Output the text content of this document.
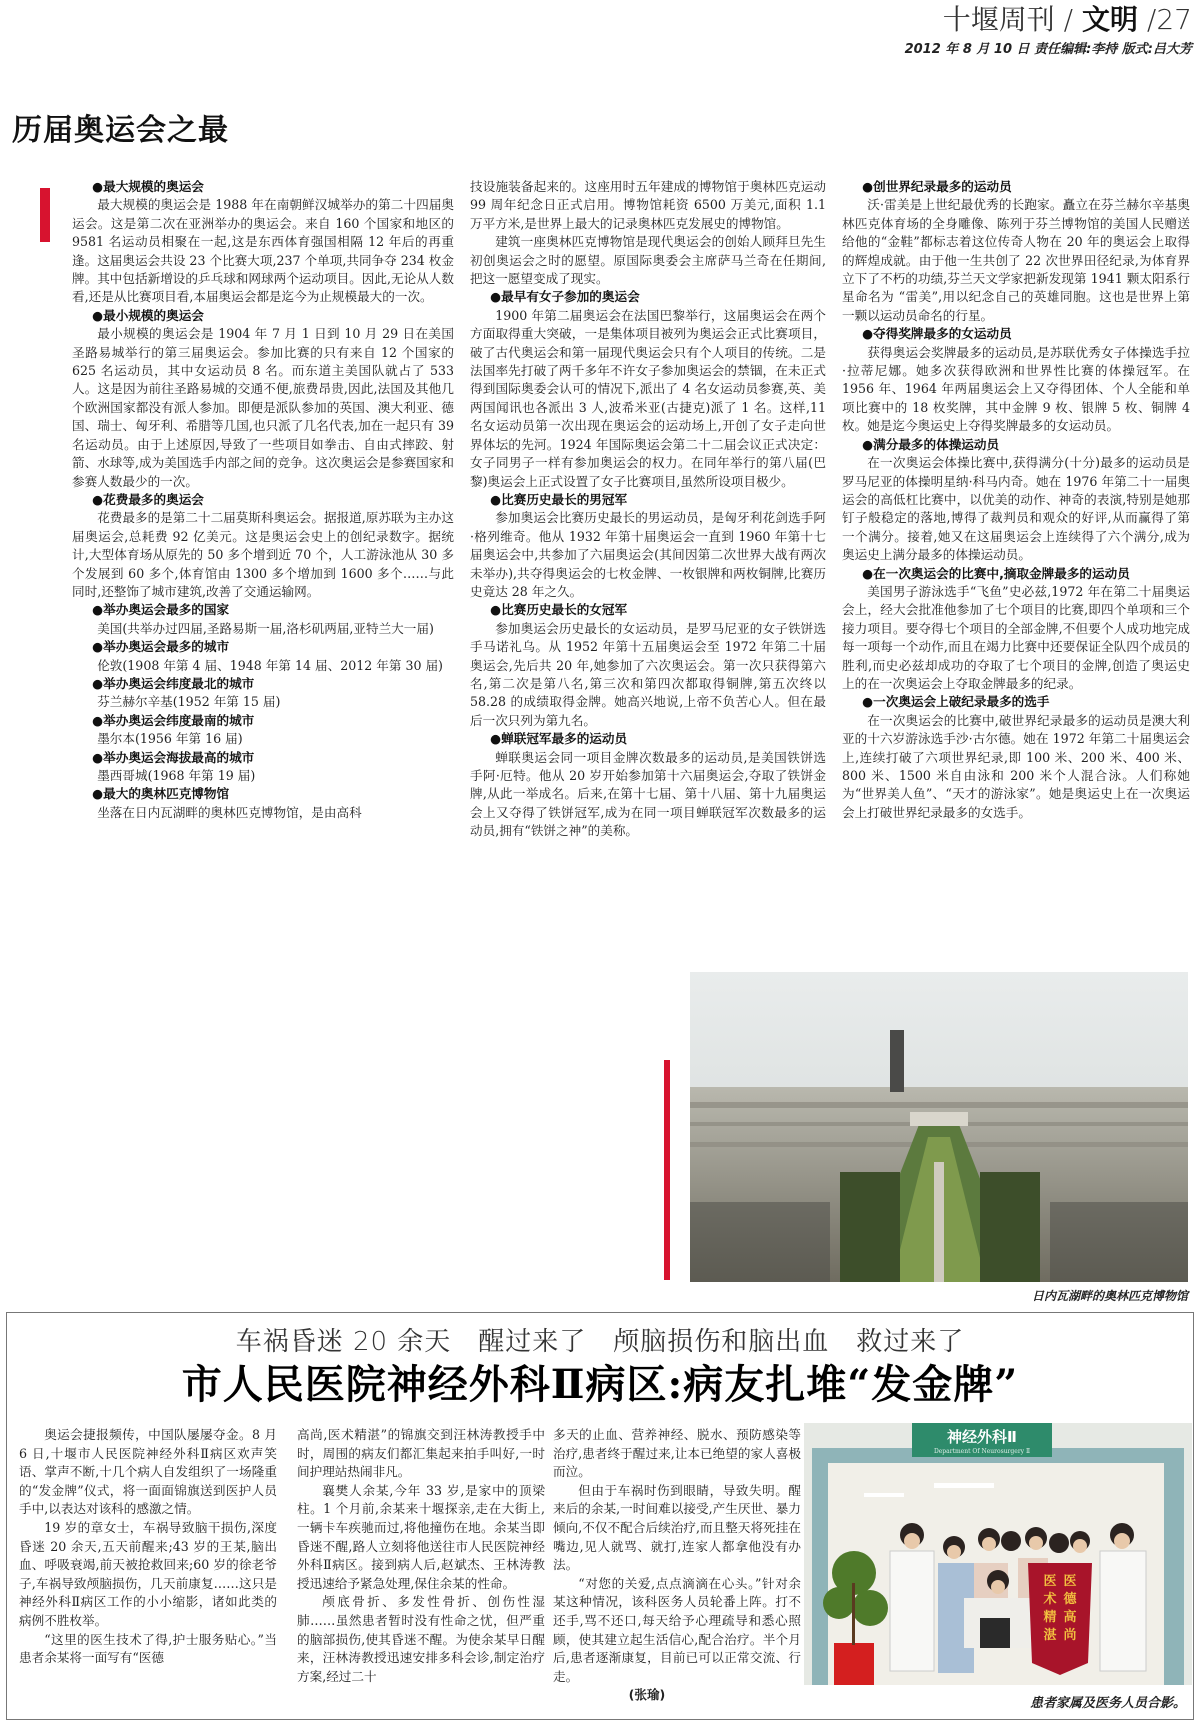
十堰周刊 / 文明 /27
2012 年 8 月 10 日 责任编辑:李持 版式:吕大芳
历届奥运会之最
●最大规模的奥运会

最大规模的奥运会是 1988 年在南朝鲜汉城举办的第二十四届奥运会。这是第二次在亚洲举办的奥运会。来自 160 个国家和地区的 9581 名运动员相聚在一起,这是东西体育强国相隔 12 年后的再重逢。这届奥运会共设 23 个比赛大项,237 个单项,共同争夺 234 枚金牌。其中包括新增设的乒乓球和网球两个运动项目。因此,无论从人数看,还是从比赛项目看,本届奥运会都是迄今为止规模最大的一次。

●最小规模的奥运会

最小规模的奥运会是 1904 年 7 月 1 日到 10 月 29 日在美国圣路易城举行的第三届奥运会。参加比赛的只有来自 12 个国家的 625 名运动员，其中女运动员 8 名。而东道主美国队就占了 533 人。这是因为前往圣路易城的交通不便,旅费昂贵,因此,法国及其他几个欧洲国家都没有派人参加。即便是派队参加的英国、澳大利亚、德国、瑞士、匈牙利、希腊等几国,也只派了几名代表,加在一起只有 39 名运动员。由于上述原因,导致了一些项目如拳击、自由式摔跤、射箭、水球等,成为美国选手内部之间的竞争。这次奥运会是参赛国家和参赛人数最少的一次。

●花费最多的奥运会

花费最多的是第二十二届莫斯科奥运会。据报道,原苏联为主办这届奥运会,总耗费 92 亿美元。这是奥运会史上的创纪录数字。据统计,大型体育场从原先的 50 多个增到近 70 个，人工游泳池从 30 多个发展到 60 多个,体育馆由 1300 多个增加到 1600 多个……与此同时,还整饰了城市建筑,改善了交通运输网。

●举办奥运会最多的国家

美国(共举办过四届,圣路易斯一届,洛杉矶两届,亚特兰大一届)

●举办奥运会最多的城市

伦敦(1908 年第 4 届、1948 年第 14 届、2012 年第 30 届)

●举办奥运会纬度最北的城市

芬兰赫尔辛基(1952 年第 15 届)

●举办奥运会纬度最南的城市

墨尔本(1956 年第 16 届)

●举办奥运会海拔最高的城市

墨西哥城(1968 年第 19 届)

●最大的奥林匹克博物馆

坐落在日内瓦湖畔的奥林匹克博物馆，是由高科

技设施装备起来的。这座用时五年建成的博物馆于奥林匹克运动 99 周年纪念日正式启用。博物馆耗资 6500 万美元,面积 1.1 万平方米,是世界上最大的记录奥林匹克发展史的博物馆。

建筑一座奥林匹克博物馆是现代奥运会的创始人顾拜旦先生初创奥运会之时的愿望。原国际奥委会主席萨马兰奇在任期间,把这一愿望变成了现实。

●最早有女子参加的奥运会

1900 年第二届奥运会在法国巴黎举行，这届奥运会在两个方面取得重大突破，一是集体项目被列为奥运会正式比赛项目，破了古代奥运会和第一届现代奥运会只有个人项目的传统。二是法国率先打破了两千多年不许女子参加奥运会的禁锢，在未正式得到国际奥委会认可的情况下,派出了 4 名女运动员参赛,英、美两国闻讯也各派出 3 人,波希米亚(古捷克)派了 1 名。这样,11 名女运动员第一次出现在奥运会的运动场上,开创了女子走向世界体坛的先河。1924 年国际奥运会第二十二届会议正式决定：女子同男子一样有参加奥运会的权力。在同年举行的第八届(巴黎)奥运会上正式设置了女子比赛项目,虽然所设项目极少。

●比赛历史最长的男冠军

参加奥运会比赛历史最长的男运动员，是匈牙利花剑选手阿·格列维奇。他从 1932 年第十届奥运会一直到 1960 年第十七届奥运会中,共参加了六届奥运会(其间因第二次世界大战有两次未举办),共夺得奥运会的七枚金牌、一枚银牌和两枚铜牌,比赛历史竟达 28 年之久。

●比赛历史最长的女冠军

参加奥运会历史最长的女运动员，是罗马尼亚的女子铁饼选手马诺礼乌。从 1952 年第十五届奥运会至 1972 年第二十届奥运会,先后共 20 年,她参加了六次奥运会。第一次只获得第六名,第二次是第八名,第三次和第四次都取得铜牌,第五次终以 58.28 的成绩取得金牌。她高兴地说,上帝不负苦心人。但在最后一次只列为第九名。

●蝉联冠军最多的运动员

蝉联奥运会同一项目金牌次数最多的运动员,是美国铁饼选手阿·厄特。他从 20 岁开始参加第十六届奥运会,夺取了铁饼金牌,从此一举成名。后来,在第十七届、第十八届、第十九届奥运会上又夺得了铁饼冠军,成为在同一项目蝉联冠军次数最多的运动员,拥有“铁饼之神”的美称。

●创世界纪录最多的运动员

沃·雷美是上世纪最优秀的长跑家。矗立在芬兰赫尔辛基奥林匹克体育场的全身雕像、陈列于芬兰博物馆的美国人民赠送给他的“金鞋”都标志着这位传奇人物在 20 年的奥运会上取得的辉煌成就。由于他一生共创了 22 次世界田径纪录,为体育界立下了不朽的功绩,芬兰天文学家把新发现第 1941 颗太阳系行星命名为 “雷美”,用以纪念自己的英雄同胞。这也是世界上第一颗以运动员命名的行星。

●夺得奖牌最多的女运动员

获得奥运会奖牌最多的运动员,是苏联优秀女子体操选手拉·拉蒂尼娜。她多次获得欧洲和世界性比赛的体操冠军。在 1956 年、1964 年两届奥运会上又夺得团体、个人全能和单项比赛中的 18 枚奖牌，其中金牌 9 枚、银牌 5 枚、铜牌 4 枚。她是迄今奥运史上夺得奖牌最多的女运动员。

●满分最多的体操运动员

在一次奥运会体操比赛中,获得满分(十分)最多的运动员是罗马尼亚的体操明星纳·科马内奇。她在 1976 年第二十一届奥运会的高低杠比赛中，以优美的动作、神奇的表演,特别是她那钉子般稳定的落地,博得了裁判员和观众的好评,从而赢得了第一个满分。接着,她又在这届奥运会上连续得了六个满分,成为奥运史上满分最多的体操运动员。

●在一次奥运会的比赛中,摘取金牌最多的运动员

美国男子游泳选手“飞鱼”史必兹,1972 年在第二十届奥运会上，经大会批准他参加了七个项目的比赛,即四个单项和三个接力项目。要夺得七个项目的全部金牌,不但要个人成功地完成每一项每一个动作,而且在竭力比赛中还要保证全队四个成员的胜利,而史必兹却成功的夺取了七个项目的金牌,创造了奥运史上的在一次奥运会上夺取金牌最多的纪录。

●一次奥运会上破纪录最多的选手

在一次奥运会的比赛中,破世界纪录最多的运动员是澳大利亚的十六岁游泳选手沙·古尔德。她在 1972 年第二十届奥运会上,连续打破了六项世界纪录,即 100 米、200 米、400 米、800 米、1500 米自由泳和 200 米个人混合泳。人们称她为“世界美人鱼”、“天才的游泳家”。她是奥运史上在一次奥运会上打破世界纪录最多的女选手。

日内瓦湖畔的奥林匹克博物馆
车祸昏迷 20 余天　醒过来了　颅脑损伤和脑出血　救过来了
市人民医院神经外科Ⅱ病区:病友扎堆“发金牌”

奥运会捷报频传，中国队屡屡夺金。8 月 6 日,十堰市人民医院神经外科Ⅱ病区欢声笑语、掌声不断,十几个病人自发组织了一场隆重的“发金牌”仪式，将一面面锦旗送到医护人员手中,以表达对该科的感激之情。

19 岁的章女士，车祸导致脑干损伤,深度昏迷 20 余天,五天前醒来;43 岁的王某,脑出血、呼吸衰竭,前天被抢救回来;60 岁的徐老爷子,车祸导致颅脑损伤，几天前康复……这只是神经外科Ⅱ病区工作的小小缩影，诸如此类的病例不胜枚举。

“这里的医生技术了得,护士服务贴心。”当患者余某将一面写有“医德

高尚,医术精湛”的锦旗交到汪林涛教授手中时，周围的病友们都汇集起来拍手叫好,一时间护理站热闹非凡。

襄樊人余某,今年 33 岁,是家中的顶梁柱。1 个月前,余某来十堰探亲,走在大街上,一辆卡车疾驰而过,将他撞伤在地。余某当即昏迷不醒,路人立刻将他送往市人民医院神经外科Ⅱ病区。接到病人后,赵斌杰、王林涛教授迅速给予紧急处理,保住余某的性命。

颅底骨折、多发性骨折、创伤性湿肺……虽然患者暂时没有性命之忧，但严重的脑部损伤,使其昏迷不醒。为使余某早日醒来，汪林涛教授迅速安排多科会诊,制定治疗方案,经过二十

多天的止血、营养神经、脱水、预防感染等治疗,患者终于醒过来,让本已绝望的家人喜极而泣。

但由于车祸时伤到眼睛，导致失明。醒来后的余某,一时间难以接受,产生厌世、暴力倾向,不仅不配合后续治疗,而且整天将死挂在嘴边,见人就骂、就打,连家人都拿他没有办法。

“对您的关爱,点点滴滴在心头。”针对余某这种情况，该科医务人员轮番上阵。打不还手,骂不还口,每天给予心理疏导和悉心照顾，使其建立起生活信心,配合治疗。半个月后,患者逐渐康复，目前已可以正常交流、行走。

(张瑜)
神经外科Ⅱ
Department Of Neurosurgery Ⅱ
医德高尚医术精湛
患者家属及医务人员合影。
